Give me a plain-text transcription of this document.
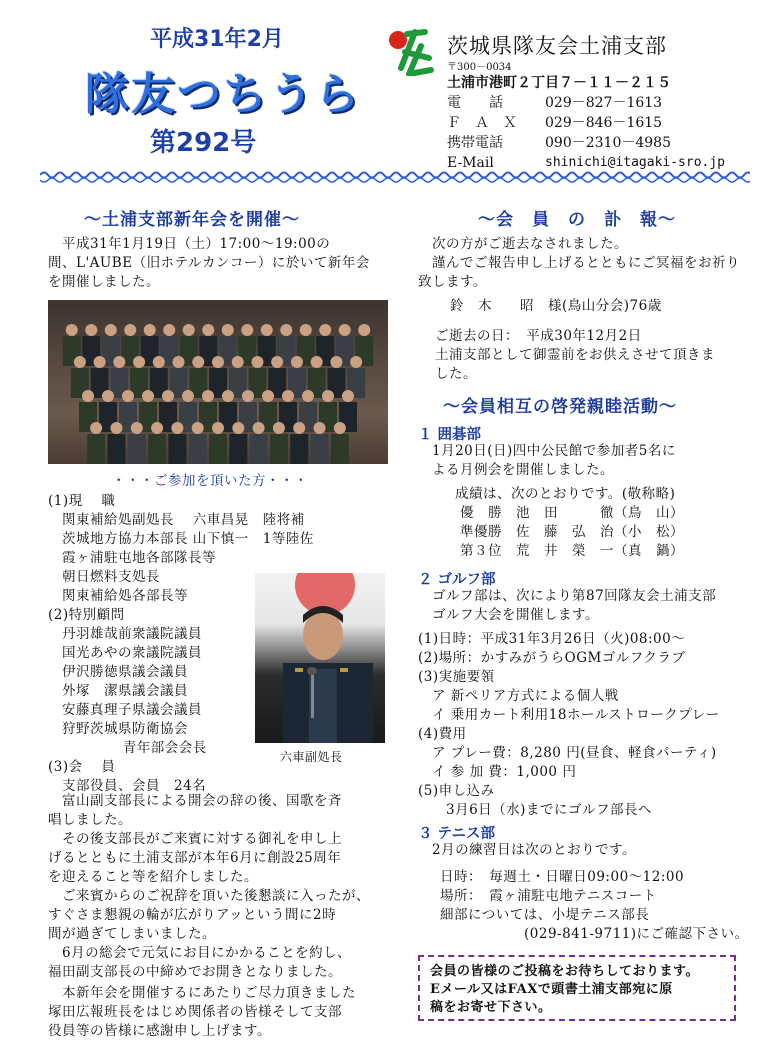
平成31年2月
隊友つちうら
第292号
茨城県隊友会土浦支部
〒300－0034
土浦市港町２丁目７－１１－２１５
電　　話	029－827－1613
Ｆ　Ａ　Ｘ 029－846－1615
携帯電話	090－2310－4985
E-Mail	shinichi@itagaki-sro.jp
～土浦支部新年会を開催～
　平成31年1月19日（土）17:00～19:00の
間、L'AUBE（旧ホテルカンコー）に於いて新年会
を開催しました。
・・・ご参加を頂いた方・・・
(1)現　 職
　関東補給処副処長　 六車昌晃　陸将補
　茨城地方協力本部長 山下慎一　1等陸佐
　霞ヶ浦駐屯地各部隊長等
　朝日燃料支処長
　関東補給処各部長等
(2)特別顧問
　丹羽雄哉前衆議院議員
　国光あやの衆議院議員
　伊沢勝徳県議会議員
　外塚　潔県議会議員
　安藤真理子県議会議員
　狩野茨城県防衛協会
　　　　　 青年部会会長
(3)会　 員
　支部役員、会員　24名
六車副処長
　富山副支部長による開会の辞の後、国歌を斉
唱しました。
　その後支部長がご来賓に対する御礼を申し上
げるとともに土浦支部が本年6月に創設25周年
を迎えること等を紹介しました。
　ご来賓からのご祝辞を頂いた後懇談に入ったが、
すぐさま懇親の輪が広がりアッという間に2時
間が過ぎてしまいました。
　6月の総会で元気にお目にかかることを約し、
福田副支部長の中締めでお開きとなりました。
　本新年会を開催するにあたりご尽力頂きました
塚田広報班長をはじめ関係者の皆様そして支部
役員等の皆様に感謝申し上げます。
～会　員　の　訃　報～
　次の方がご逝去なされました。
　謹んでご報告申し上げるとともにご冥福をお祈り
致します。
鈴　木　　昭　様(鳥山分会)76歳
ご逝去の日：　平成30年12月2日
土浦支部として御霊前をお供えさせて頂きま
した。
～会員相互の啓発親睦活動～
１ 囲碁部
1月20日(日)四中公民館で参加者5名に
よる月例会を開催しました。
成績は、次のとおりです。(敬称略)
優　勝　池　田　　　徹（鳥　山）
準優勝　佐　藤　弘　治（小　松）
第３位　荒　井　榮　一（真　鍋）
２ ゴルフ部
ゴルフ部は、次により第87回隊友会土浦支部
ゴルフ大会を開催します。
(1)日時：平成31年3月26日（火)08:00～
(2)場所：かすみがうらOGMゴルフクラブ
(3)実施要領
　ア 新ペリア方式による個人戦
　イ 乗用カート利用18ホールストロークプレー
(4)費用
　ア プレー費：8,280 円(昼食、軽食パーティ)
　イ 参 加 費：1,000 円
(5)申し込み
　　3月6日（水)までにゴルフ部長へ
３ テニス部
2月の練習日は次のとおりです。
日時：　毎週土・日曜日09:00～12:00
場所：　霞ヶ浦駐屯地テニスコート
細部については、小堤テニス部長
　　　　　　(029-841-9711)にご確認下さい。
会員の皆様のご投稿をお待ちしております。
Eメール又はFAXで頭書土浦支部宛に原
稿をお寄せ下さい。
